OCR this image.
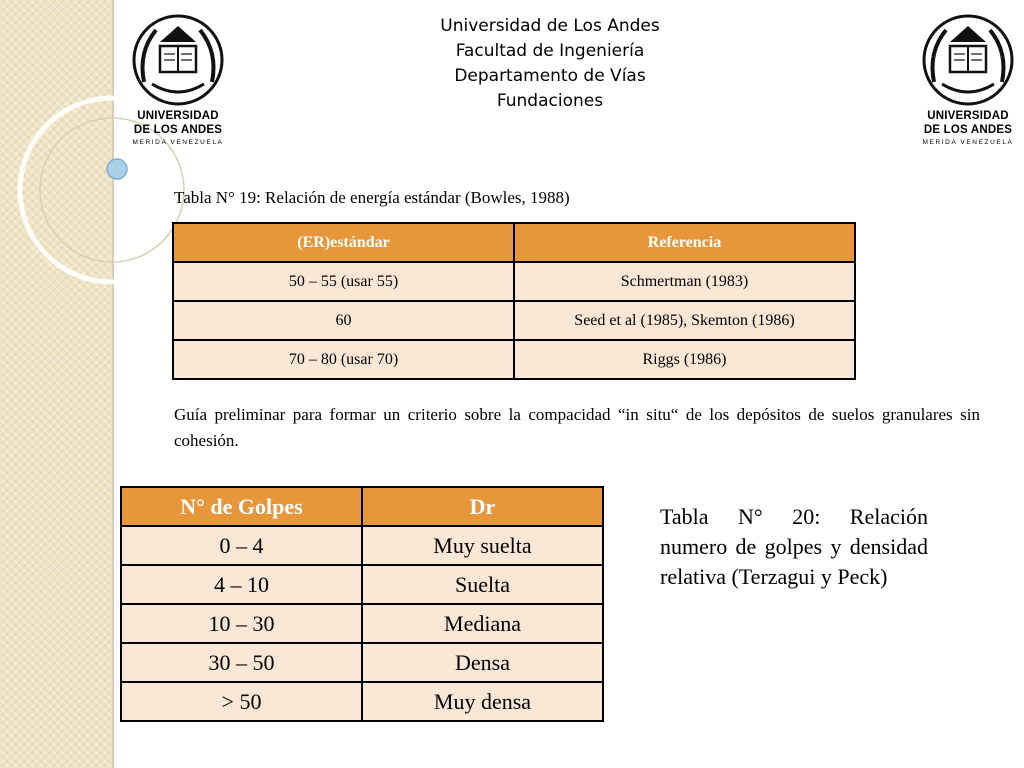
UNIVERSIDAD
DE LOS ANDES
MERIDA VENEZUELA
UNIVERSIDAD
DE LOS ANDES
MERIDA VENEZUELA
Universidad de Los Andes
Facultad de Ingeniería
Departamento de Vías
Fundaciones
Tabla N° 19: Relación de energía estándar (Bowles, 1988)
(ER)estándar	Referencia
50 – 55 (usar 55)	Schmertman (1983)
60	Seed et al (1985), Skemton (1986)
70 – 80 (usar 70)	Riggs (1986)
Guía preliminar para formar un criterio sobre la compacidad “in situ“ de los depósitos de suelos granulares sin cohesión.
N° de Golpes	Dr
0 – 4	Muy suelta
4 – 10	Suelta
10 – 30	Mediana
30 – 50	Densa
> 50	Muy densa
Tabla N° 20: Relación numero de golpes y densidad relativa (Terzagui y Peck)
